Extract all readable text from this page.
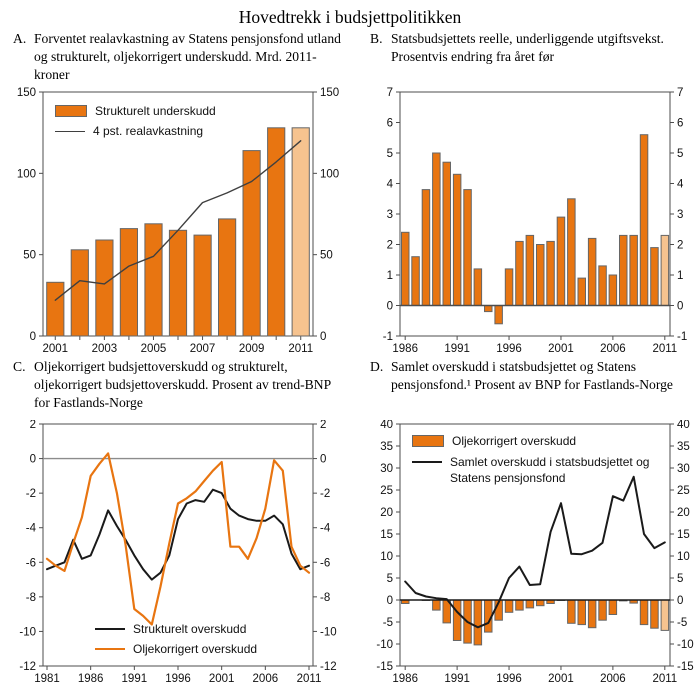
Hovedtrekk i budsjettpolitikken
A. Forventet realavkastning av Statens pensjonsfond utland og strukturelt, oljekorrigert underskudd. Mrd. 2011-kroner
0	0
50	50
100	100
150	150
2001 2003 2005 2007 2009 2011
Strukturelt underskudd
4 pst. realavkastning
B. Statsbudsjettets reelle, underliggende utgiftsvekst. Prosentvis endring fra året før
-1	-1
0	0
1	1
2	2
3	3
4	4
5	5
6	6
7	7
1986 1991 1996 2001 2006 2011
C. Oljekorrigert budsjettoverskudd og strukturelt, oljekorrigert budsjettoverskudd. Prosent av trend-BNP for Fastlands-Norge
-12	-12
-10	-10
-8	-8
-6	-6
-4	-4
-2	-2
0	0
2	2
1981 1986 1991 1996 2001 2006 2011
Strukturelt overskudd
Oljekorrigert overskudd
D. Samlet overskudd i statsbudsjettet og Statens pensjonsfond.¹ Prosent av BNP for Fastlands-Norge
-15	-15
-10	-10
-5	-5
0	0
5	5
10	10
15	15
20	20
25	25
30	30
35	35
40	40
1986 1991 1996 2001 2006 2011
Oljekorrigert overskudd
Samlet overskudd i statsbudsjettet og Statens pensjonsfond
